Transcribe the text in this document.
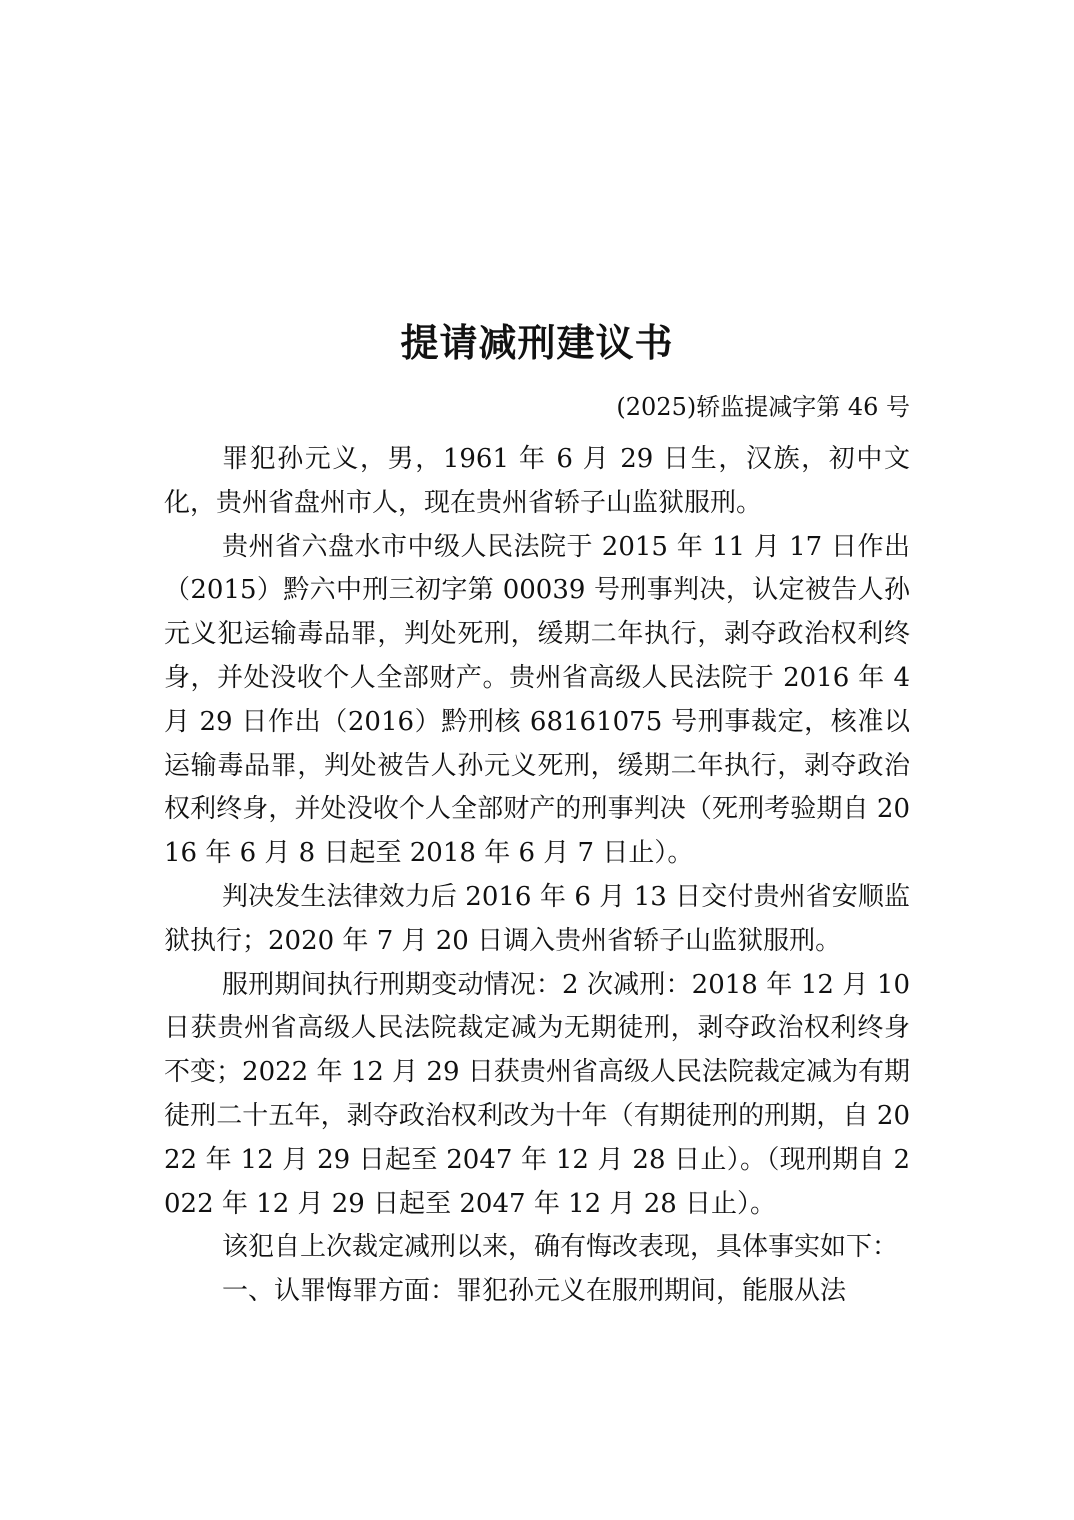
提请减刑建议书
(2025)轿监提减字第 46 号

罪犯孙元义，男，1961 年 6 月 29 日生，汉族，初中文化，贵州省盘州市人，现在贵州省轿子山监狱服刑。

贵州省六盘水市中级人民法院于 2015 年 11 月 17 日作出（2015）黔六中刑三初字第 00039 号刑事判决，认定被告人孙元义犯运输毒品罪，判处死刑，缓期二年执行，剥夺政治权利终身，并处没收个人全部财产。贵州省高级人民法院于 2016 年 4 月 29 日作出（2016）黔刑核 68161075 号刑事裁定，核准以运输毒品罪，判处被告人孙元义死刑，缓期二年执行，剥夺政治权利终身，并处没收个人全部财产的刑事判决（死刑考验期自 2016 年 6 月 8 日起至 2018 年 6 月 7 日止）。

判决发生法律效力后 2016 年 6 月 13 日交付贵州省安顺监狱执行；2020 年 7 月 20 日调入贵州省轿子山监狱服刑。

服刑期间执行刑期变动情况：2 次减刑：2018 年 12 月 10 日获贵州省高级人民法院裁定减为无期徒刑，剥夺政治权利终身不变；2022 年 12 月 29 日获贵州省高级人民法院裁定减为有期徒刑二十五年，剥夺政治权利改为十年（有期徒刑的刑期，自 2022 年 12 月 29 日起至 2047 年 12 月 28 日止）。（现刑期自 2022 年 12 月 29 日起至 2047 年 12 月 28 日止）。

该犯自上次裁定减刑以来，确有悔改表现，具体事实如下：

一、认罪悔罪方面：罪犯孙元义在服刑期间，能服从法
